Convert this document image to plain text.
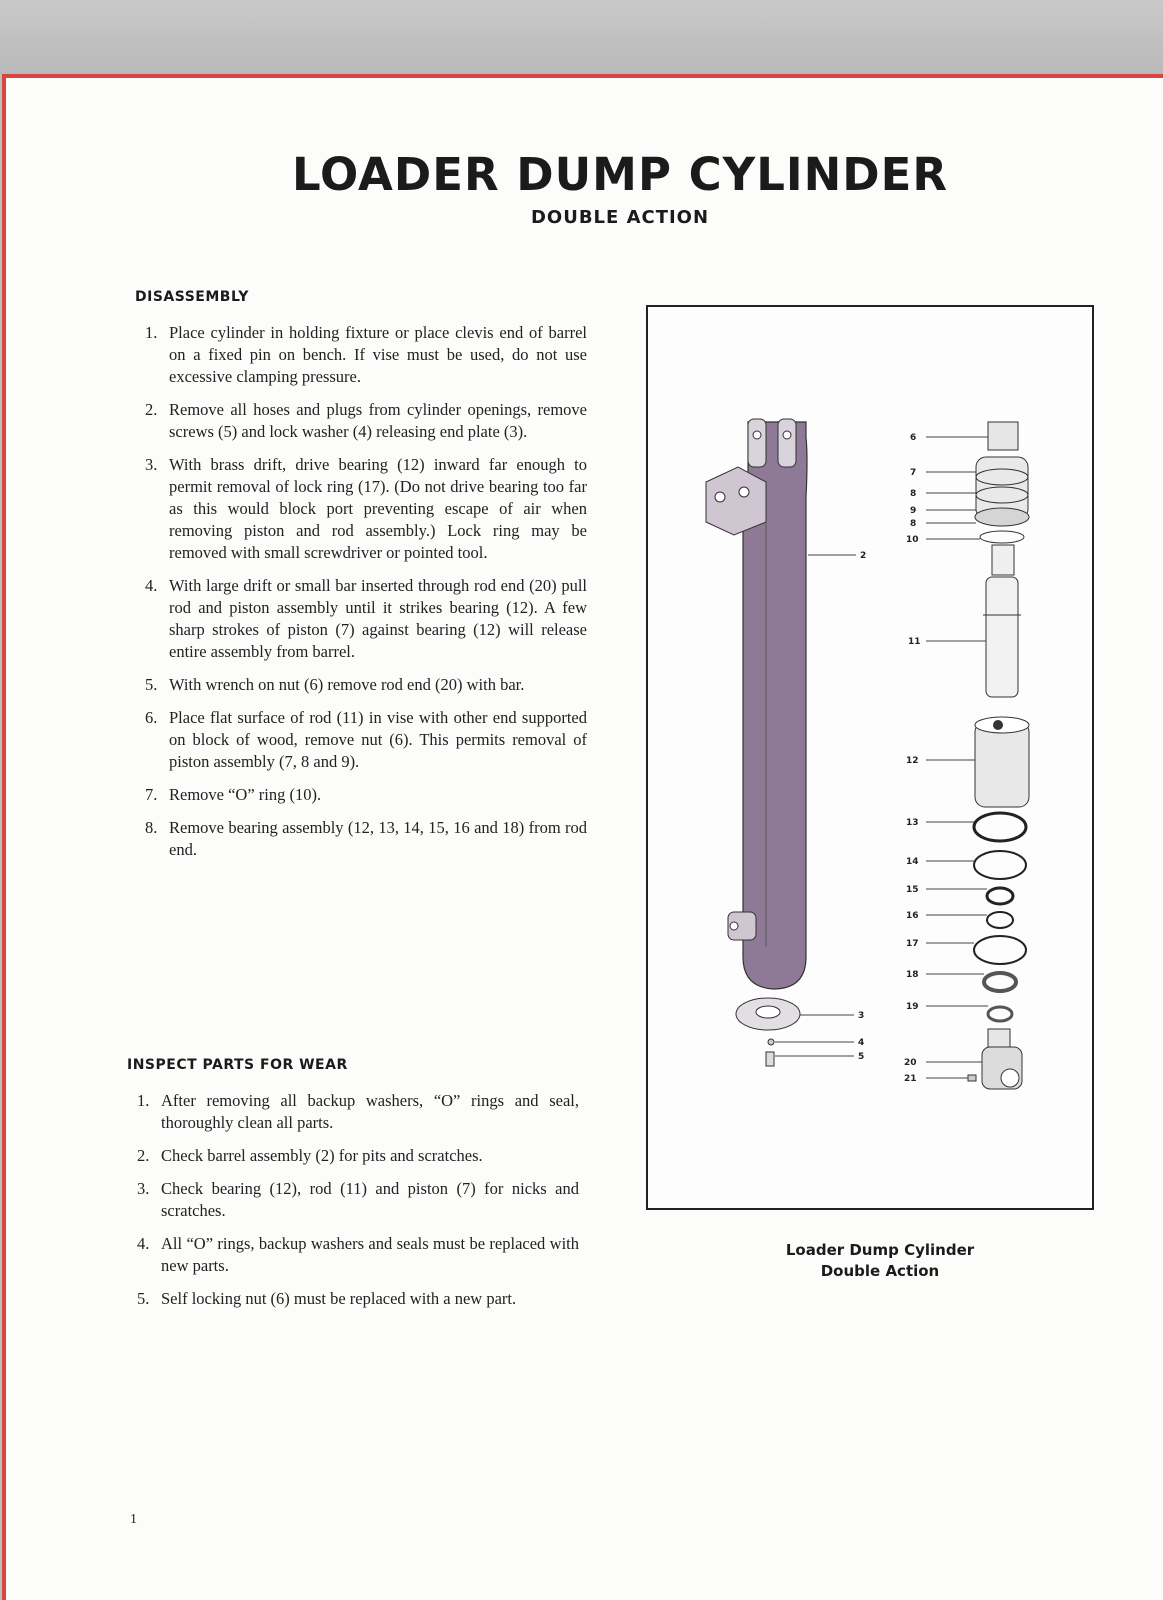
LOADER DUMP CYLINDER
DOUBLE ACTION
DISASSEMBLY
1. Place cylinder in holding fixture or place clevis end of barrel on a fixed pin on bench. If vise must be used, do not use excessive clamping pressure.
2. Remove all hoses and plugs from cylinder openings, remove screws (5) and lock washer (4) releasing end plate (3).
3. With brass drift, drive bearing (12) inward far enough to permit removal of lock ring (17). (Do not drive bearing too far as this would block port preventing escape of air when removing piston and rod assembly.) Lock ring may be removed with small screwdriver or pointed tool.
4. With large drift or small bar inserted through rod end (20) pull rod and piston assembly until it strikes bearing (12). A few sharp strokes of piston (7) against bearing (12) will release entire assembly from barrel.
5. With wrench on nut (6) remove rod end (20) with bar.
6. Place flat surface of rod (11) in vise with other end supported on block of wood, remove nut (6). This permits removal of piston assembly (7, 8 and 9).
7. Remove “O” ring (10).
8. Remove bearing assembly (12, 13, 14, 15, 16 and 18) from rod end.
INSPECT PARTS FOR WEAR
1. After removing all backup washers, “O” rings and seal, thoroughly clean all parts.
2. Check barrel assembly (2) for pits and scratches.
3. Check bearing (12), rod (11) and piston (7) for nicks and scratches.
4. All “O” rings, backup washers and seals must be replaced with new parts.
5. Self locking nut (6) must be replaced with a new part.
2
3
4
5
6
7
8
9
8
10
11
12
13
14
15
16
17
18
19
20
21
Loader Dump Cylinder
Double Action
1
